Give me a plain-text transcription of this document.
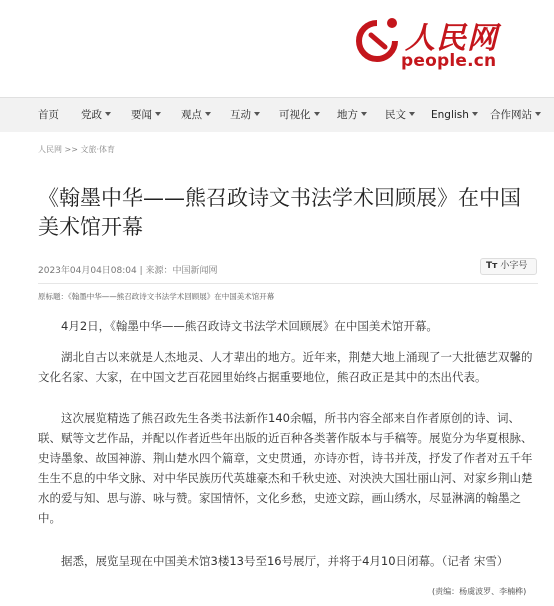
人民网
people.cn
首页 党政	要闻	观点	互动	可视化	地方	民文	English	合作网站
人民网 >> 文旅·体育
《翰墨中华——熊召政诗文书法学术回顾展》在中国美术馆开幕
2023年04月04日08:04 | 来源：中国新闻网	Tт 小字号
原标题：《翰墨中华——熊召政诗文书法学术回顾展》在中国美术馆开幕

4月2日，《翰墨中华——熊召政诗文书法学术回顾展》在中国美术馆开幕。

湖北自古以来就是人杰地灵、人才辈出的地方。近年来，荆楚大地上涌现了一大批德艺双馨的文化名家、大家，在中国文艺百花园里始终占据重要地位，熊召政正是其中的杰出代表。

这次展览精选了熊召政先生各类书法新作140余幅，所书内容全部来自作者原创的诗、词、联、赋等文艺作品，并配以作者近些年出版的近百种各类著作版本与手稿等。展览分为华夏根脉、史诗墨象、故国神游、荆山楚水四个篇章，文史贯通，亦诗亦哲，诗书并茂，抒发了作者对五千年生生不息的中华文脉、对中华民族历代英雄豪杰和千秋史迹、对泱泱大国壮丽山河、对家乡荆山楚水的爱与知、思与游、咏与赞。家国情怀，文化乡愁，史迹文踪，画山绣水，尽显淋漓的翰墨之中。

据悉，展览呈现在中国美术馆3楼13号至16号展厅，并将于4月10日闭幕。（记者 宋雪）

(责编：杨虞波罗、李楠桦)
